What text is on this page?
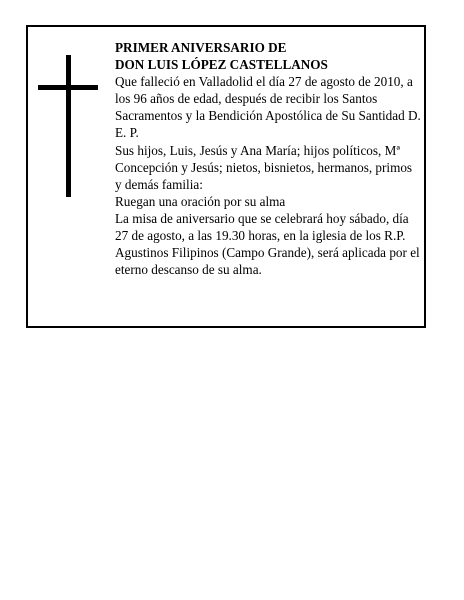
PRIMER ANIVERSARIO DE
DON LUIS LÓPEZ CASTELLANOS
Que falleció en Valladolid el día 27 de agosto de 2010, a los 96 años de edad, después de recibir los Santos Sacramentos y la Bendición Apostólica de Su Santidad D. E. P.
Sus hijos, Luis, Jesús y Ana María; hijos políticos, Mª Concepción y Jesús; nietos, bisnietos, hermanos, primos y demás familia:
Ruegan una oración por su alma
La misa de aniversario que se celebrará hoy sábado, día 27 de agosto, a las 19.30 horas, en la iglesia de los R.P. Agustinos Filipinos (Campo Grande), será aplicada por el eterno descanso de su alma.
